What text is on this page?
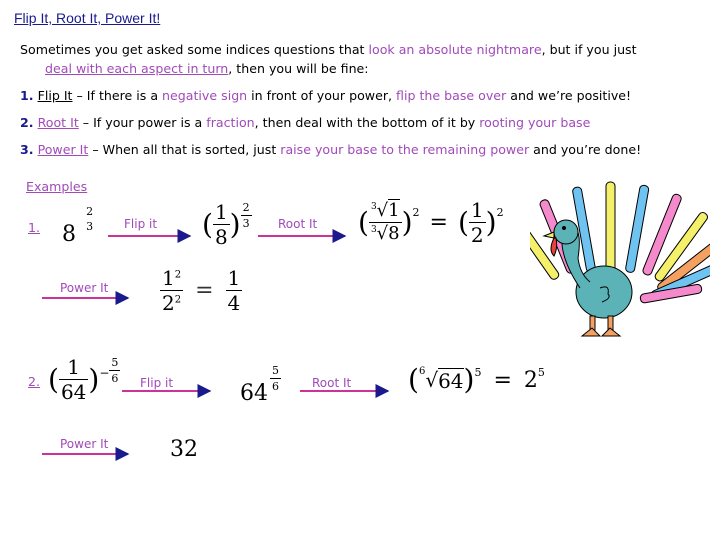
Flip It, Root It, Power It!
Sometimes you get asked some indices questions that look an absolute nightmare, but if you just
deal with each aspect in turn, then you will be fine:
1. Flip It – If there is a negative sign in front of your power, flip the base over and we’re positive!
2. Root It – If your power is a fraction, then deal with the bottom of it by rooting your base
3. Power It – When all that is sorted, just raise your base to the remaining power and you’re done!
Examples
1. 8
2
3	Flip it ( $\frac{1}{8}$ ) $\frac{2}{3}$ Root It ( $\frac{^3√1}{^3√8}$ ) 2 = ( $\frac{1}{2}$ ) 2
Power It	$\frac{1^2}{2^2} = \frac{1}{4}$
2. ( $\frac{1}{64}$ ) − $\frac{5}{6}$ Flip it	64
$\frac{5}{6}$	Root It ($^6$ √ 64 ) 5 = 2 5
Power It	32
